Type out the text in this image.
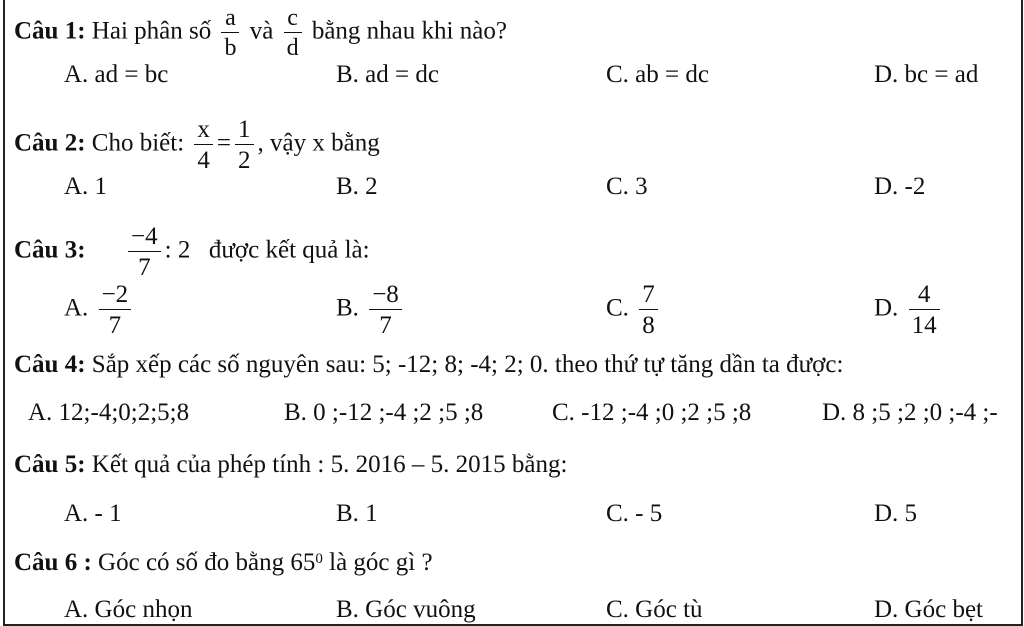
Câu 1: Hai phân số $\frac{a}{b}$ và $\frac{c}{d}$ bằng nhau khi nào?
A. ad = bc	B. ad = dc	C. ab = dc	D. bc = ad
Câu 2: Cho biết: $\frac{x}{4} = \frac{1}{2}$ , vậy x bằng
A. 1	B. 2	C. 3	D. -2
Câu 3: $\frac{-4}{7}$ : 2 được kết quả là:
A. $\frac{-2}{7}$	B. $\frac{-8}{7}$	C. $\frac{7}{8}$	D. $\frac{4}{14}$
Câu 4: Sắp xếp các số nguyên sau: 5; -12; 8; -4; 2; 0. theo thứ tự tăng dần ta được:
A. 12;-4;0;2;5;8	B. 0 ;-12 ;-4 ;2 ;5 ;8	C. -12 ;-4 ;0 ;2 ;5 ;8	D. 8 ;5 ;2 ;0 ;-4 ;-
Câu 5: Kết quả của phép tính : 5. 2016 – 5. 2015 bằng:
A. - 1	B. 1	C. - 5	D. 5
Câu 6 : Góc có số đo bằng $65^0$ là góc gì ?
A. Góc nhọn	B. Góc vuông	C. Góc tù	D. Góc bẹt
